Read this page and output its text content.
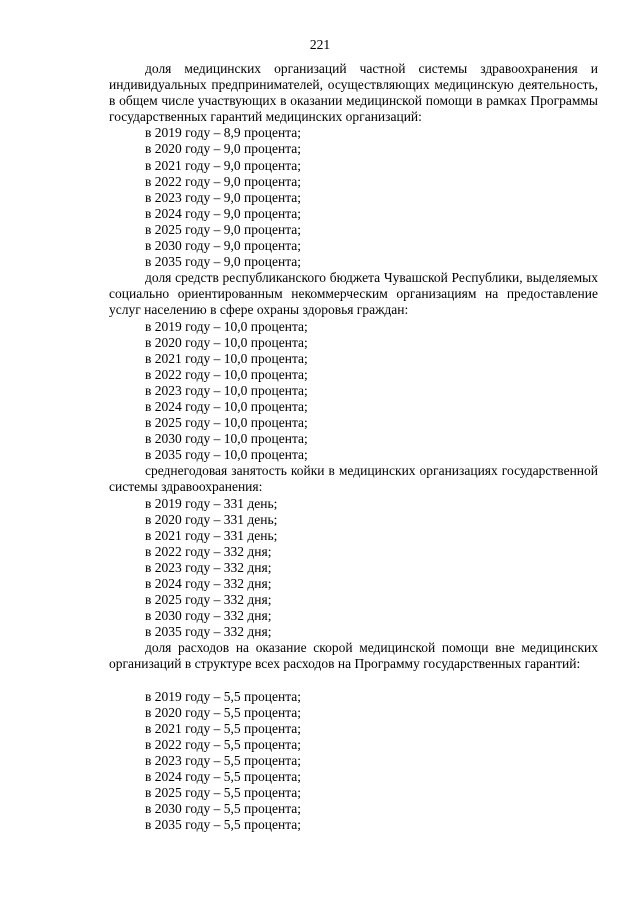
221

доля медицинских организаций частной системы здравоохранения и индивидуальных предпринимателей, осуществляющих медицинскую деятельность, в общем числе участвующих в оказании медицинской помощи в рамках Программы государственных гарантий медицинских организаций:

в 2019 году – 8,9 процента;
в 2020 году – 9,0 процента;
в 2021 году – 9,0 процента;
в 2022 году – 9,0 процента;
в 2023 году – 9,0 процента;
в 2024 году – 9,0 процента;
в 2025 году – 9,0 процента;
в 2030 году – 9,0 процента;
в 2035 году – 9,0 процента;

доля средств республиканского бюджета Чувашской Республики, выделяемых социально ориентированным некоммерческим организациям на предоставление услуг населению в сфере охраны здоровья граждан:

в 2019 году – 10,0 процента;
в 2020 году – 10,0 процента;
в 2021 году – 10,0 процента;
в 2022 году – 10,0 процента;
в 2023 году – 10,0 процента;
в 2024 году – 10,0 процента;
в 2025 году – 10,0 процента;
в 2030 году – 10,0 процента;
в 2035 году – 10,0 процента;

среднегодовая занятость койки в медицинских организациях государственной системы здравоохранения:

в 2019 году – 331 день;
в 2020 году – 331 день;
в 2021 году – 331 день;
в 2022 году – 332 дня;
в 2023 году – 332 дня;
в 2024 году – 332 дня;
в 2025 году – 332 дня;
в 2030 году – 332 дня;
в 2035 году – 332 дня;

доля расходов на оказание скорой медицинской помощи вне медицинских организаций в структуре всех расходов на Программу государственных гарантий:

в 2019 году – 5,5 процента;
в 2020 году – 5,5 процента;
в 2021 году – 5,5 процента;
в 2022 году – 5,5 процента;
в 2023 году – 5,5 процента;
в 2024 году – 5,5 процента;
в 2025 году – 5,5 процента;
в 2030 году – 5,5 процента;
в 2035 году – 5,5 процента;
